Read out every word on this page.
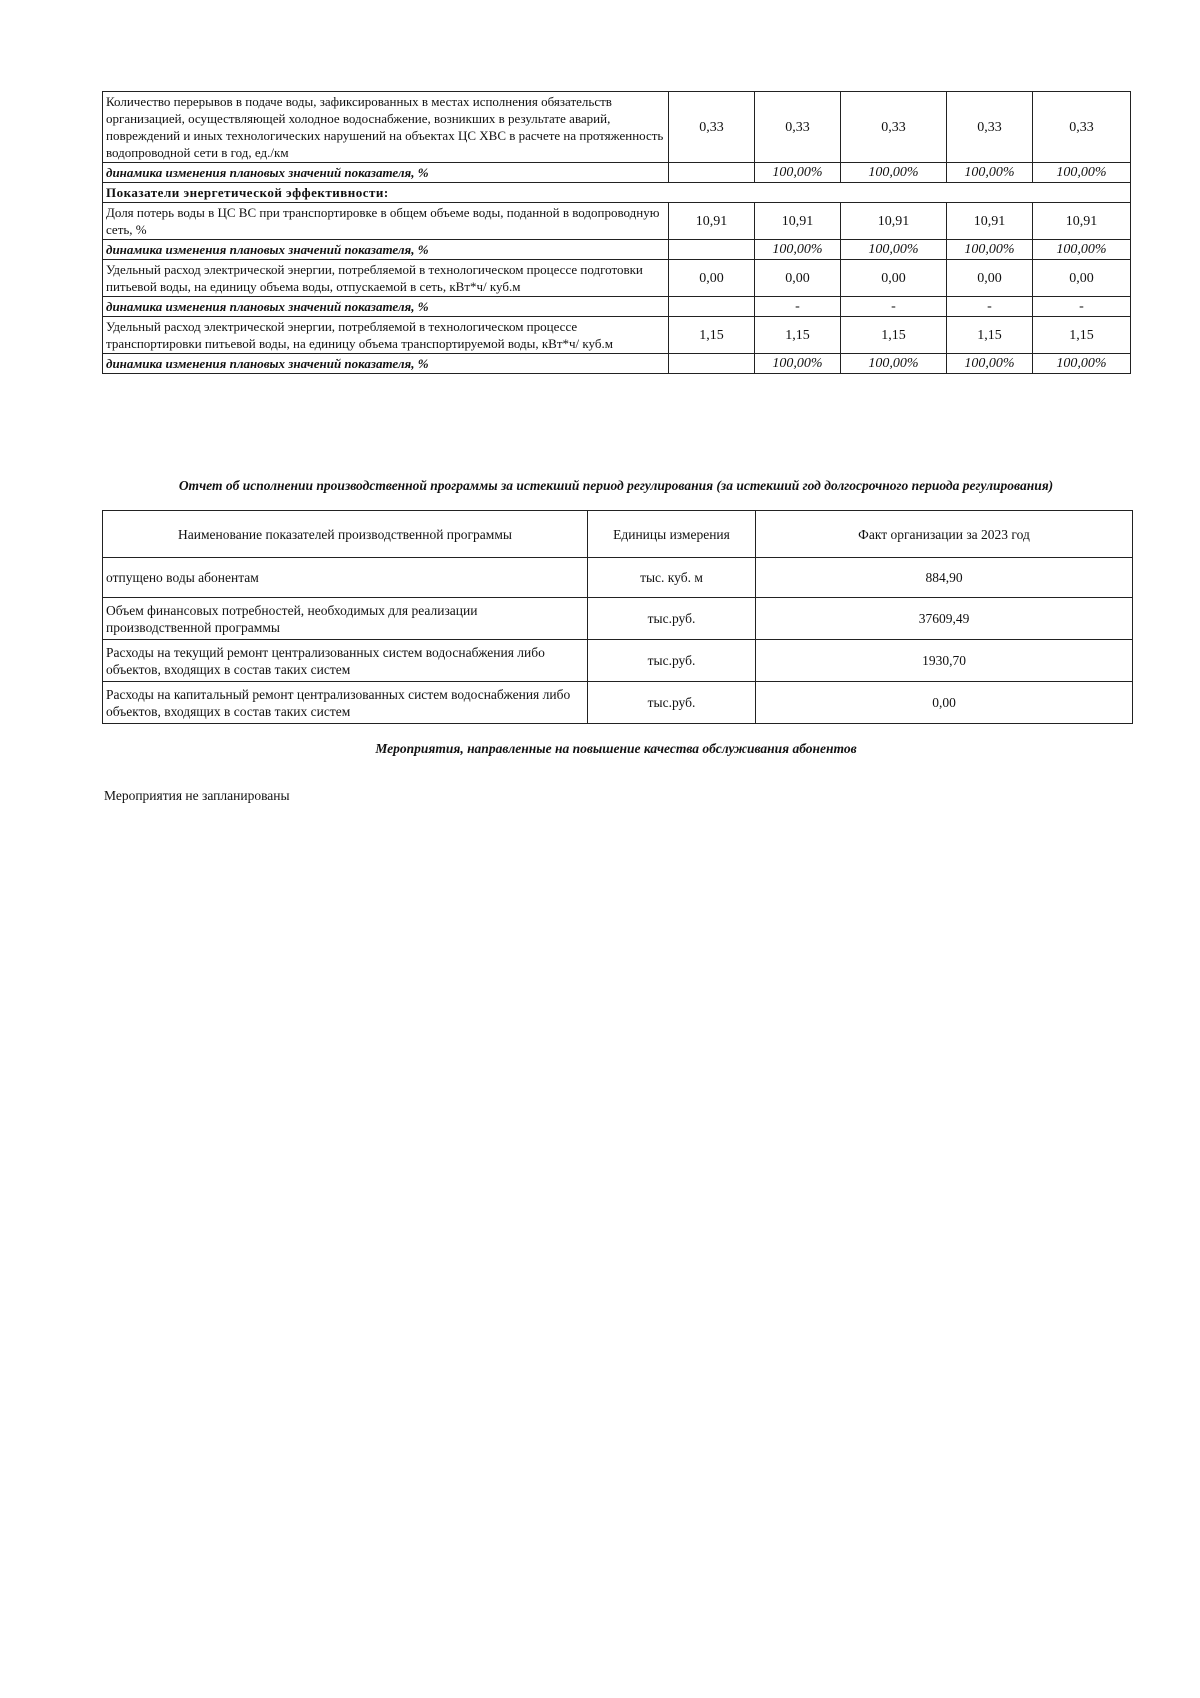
Количество перерывов в подаче воды, зафиксированных в местах исполнения обязательств организацией, осуществляющей холодное водоснабжение, возникших в результате аварий, повреждений и иных технологических нарушений на объектах ЦС ХВС в расчете на протяженность водопроводной сети в год, ед./км	0,33	0,33	0,33	0,33	0,33
динамика изменения плановых значений показателя, %		100,00%	100,00%	100,00%	100,00%
Показатели энергетической эффективности:					
Доля потерь воды в ЦС ВС при транспортировке в общем объеме воды, поданной в водопроводную сеть, %	10,91	10,91	10,91	10,91	10,91
динамика изменения плановых значений показателя, %		100,00%	100,00%	100,00%	100,00%
Удельный расход электрической энергии, потребляемой в технологическом процессе подготовки питьевой воды, на единицу объема воды, отпускаемой в сеть, кВт*ч/ куб.м	0,00	0,00	0,00	0,00	0,00
динамика изменения плановых значений показателя, %		-	-	-	-
Удельный расход электрической энергии, потребляемой в технологическом процессе транспортировки питьевой воды, на единицу объема транспортируемой воды, кВт*ч/ куб.м	1,15	1,15	1,15	1,15	1,15
динамика изменения плановых значений показателя, %		100,00%	100,00%	100,00%	100,00%
Отчет об исполнении производственной программы за истекший период регулирования (за истекший год долгосрочного периода регулирования)
Наименование показателей производственной программы	Единицы измерения	Факт организации за 2023 год
отпущено воды абонентам	тыс. куб. м	884,90
Объем финансовых потребностей, необходимых для реализации производственной программы	тыс.руб.	37609,49
Расходы на текущий ремонт централизованных систем водоснабжения либо объектов, входящих в состав таких систем	тыс.руб.	1930,70
Расходы на капитальный ремонт централизованных систем водоснабжения либо объектов, входящих в состав таких систем	тыс.руб.	0,00
Мероприятия, направленные на повышение качества обслуживания абонентов
Мероприятия не запланированы
